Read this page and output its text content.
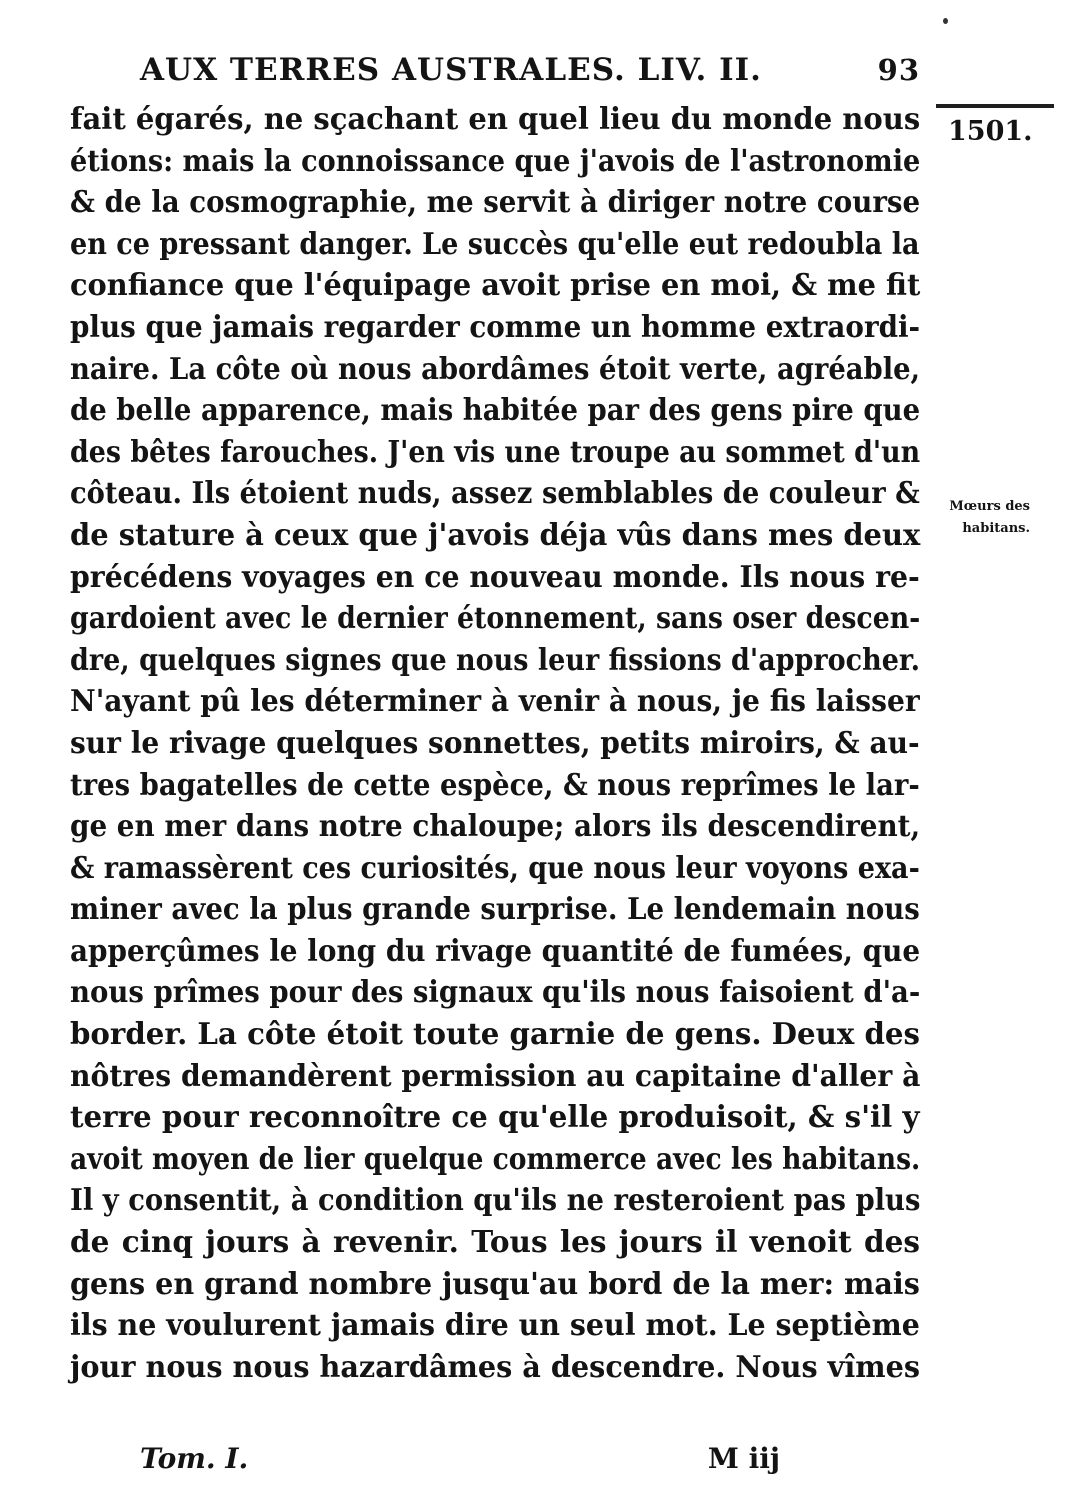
AUX TERRES AUSTRALES. LIV. II.	93
1501.
Mœurs des
habitans.
fait égarés, ne sçachant en quel lieu du monde nous
étions: mais la connoissance que j'avois de l'astronomie
& de la cosmographie, me servit à diriger notre course
en ce pressant danger. Le succès qu'elle eut redoubla la
confiance que l'équipage avoit prise en moi, & me fit
plus que jamais regarder comme un homme extraordi-
naire. La côte où nous abordâmes étoit verte, agréable,
de belle apparence, mais habitée par des gens pire que
des bêtes farouches. J'en vis une troupe au sommet d'un
côteau. Ils étoient nuds, assez semblables de couleur &
de stature à ceux que j'avois déja vûs dans mes deux
précédens voyages en ce nouveau monde. Ils nous re-
gardoient avec le dernier étonnement, sans oser descen-
dre, quelques signes que nous leur fissions d'approcher.
N'ayant pû les déterminer à venir à nous, je fis laisser
sur le rivage quelques sonnettes, petits miroirs, & au-
tres bagatelles de cette espèce, & nous reprîmes le lar-
ge en mer dans notre chaloupe; alors ils descendirent,
& ramassèrent ces curiosités, que nous leur voyons exa-
miner avec la plus grande surprise. Le lendemain nous
apperçûmes le long du rivage quantité de fumées, que
nous prîmes pour des signaux qu'ils nous faisoient d'a-
border. La côte étoit toute garnie de gens. Deux des
nôtres demandèrent permission au capitaine d'aller à
terre pour reconnoître ce qu'elle produisoit, & s'il y
avoit moyen de lier quelque commerce avec les habitans.
Il y consentit, à condition qu'ils ne resteroient pas plus
de cinq jours à revenir. Tous les jours il venoit des
gens en grand nombre jusqu'au bord de la mer: mais
ils ne voulurent jamais dire un seul mot. Le septième
jour nous nous hazardâmes à descendre. Nous vîmes
Tom. I.	M iij
